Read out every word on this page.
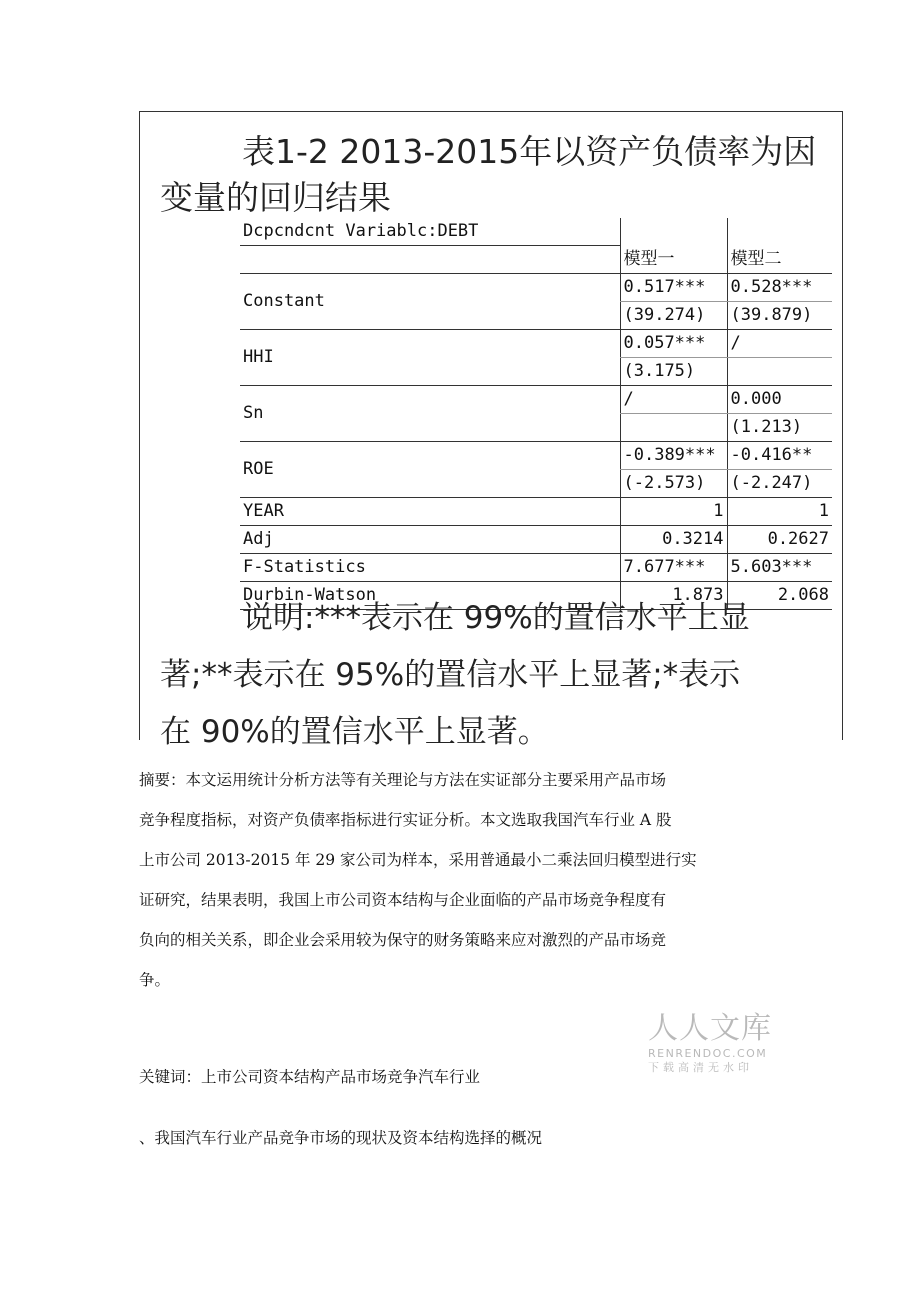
表1-2 2013-2015年以资产负债率为因
变量的回归结果
Dcpcndcnt Variablc:DEBT		
	模型一	模型二
Constant	0.517***	0.528***
	(39.274)	(39.879)
HHI	0.057***	/
	(3.175)	
Sn	/	0.000
		(1.213)
ROE	-0.389***	-0.416**
	(-2.573)	(-2.247)
YEAR	1	1
Adj	0.3214	0.2627
F-Statistics	7.677***	5.603***
Durbin-Watson	1.873	2.068

说明:***表示在 99%的置信水平上显
著;**表示在 95%的置信水平上显著;*表示
在 90%的置信水平上显著。

摘要：本文运用统计分析方法等有关理论与方法在实证部分主要采用产品市场
竞争程度指标，对资产负债率指标进行实证分析。本文选取我国汽车行业 A 股
上市公司 2013-2015 年 29 家公司为样本，采用普通最小二乘法回归模型进行实
证研究，结果表明，我国上市公司资本结构与企业面临的产品市场竞争程度有
负向的相关关系，即企业会采用较为保守的财务策略来应对激烈的产品市场竞
争。

关键词：上市公司资本结构产品市场竞争汽车行业

、我国汽车行业产品竞争市场的现状及资本结构选择的概况

人人文库
RENRENDOC.COM
下载高清无水印
